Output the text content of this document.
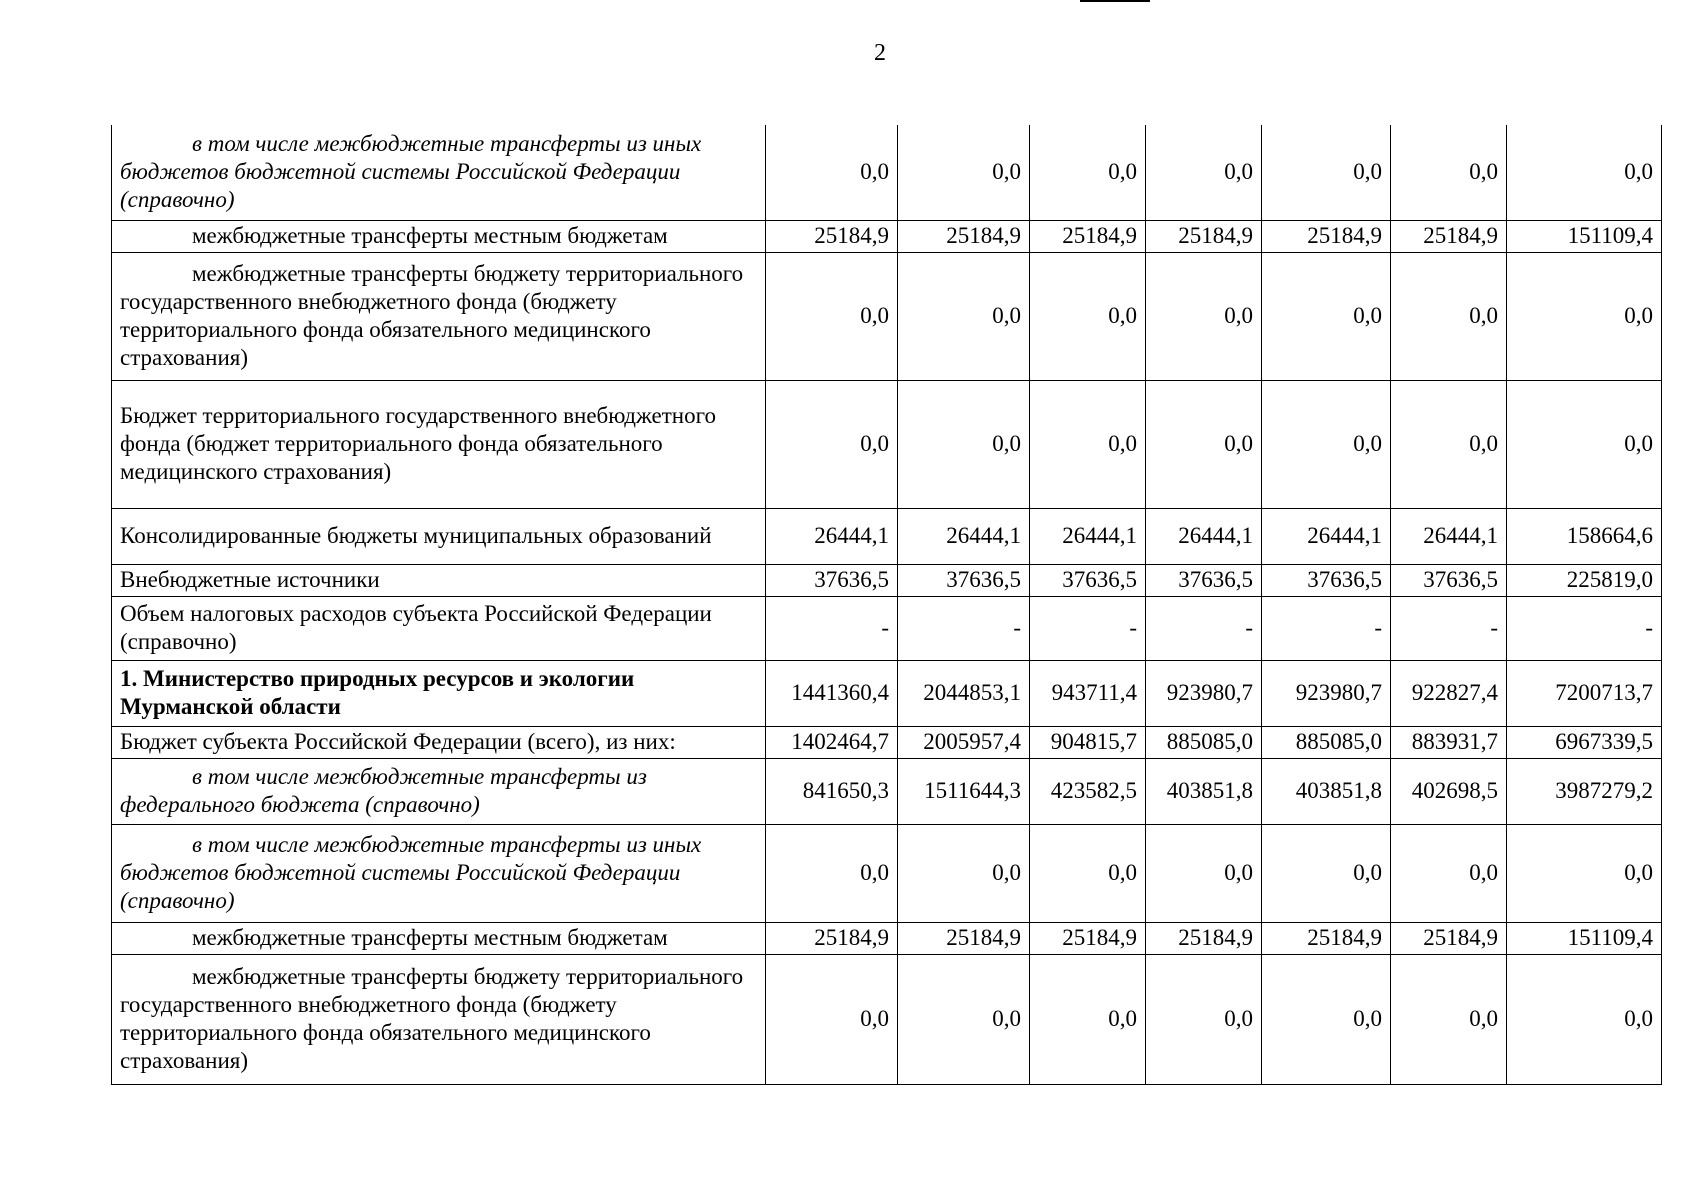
2
в том числе межбюджетные трансферты из иных бюджетов бюджетной системы Российской Федерации (справочно)	0,0	0,0	0,0	0,0	0,0	0,0	0,0
межбюджетные трансферты местным бюджетам	25184,9	25184,9	25184,9	25184,9	25184,9	25184,9	151109,4
межбюджетные трансферты бюджету территориального государственного внебюджетного фонда (бюджету территориального фонда обязательного медицинского страхования)	0,0	0,0	0,0	0,0	0,0	0,0	0,0
Бюджет территориального государственного внебюджетного фонда (бюджет территориального фонда обязательного медицинского страхования)	0,0	0,0	0,0	0,0	0,0	0,0	0,0
Консолидированные бюджеты муниципальных образований	26444,1	26444,1	26444,1	26444,1	26444,1	26444,1	158664,6
Внебюджетные источники	37636,5	37636,5	37636,5	37636,5	37636,5	37636,5	225819,0
Объем налоговых расходов субъекта Российской Федерации (справочно)	-	-	-	-	-	-	-
1. Министерство природных ресурсов и экологии Мурманской области	1441360,4	2044853,1	943711,4	923980,7	923980,7	922827,4	7200713,7
Бюджет субъекта Российской Федерации (всего), из них:	1402464,7	2005957,4	904815,7	885085,0	885085,0	883931,7	6967339,5
в том числе межбюджетные трансферты из федерального бюджета (справочно)	841650,3	1511644,3	423582,5	403851,8	403851,8	402698,5	3987279,2
в том числе межбюджетные трансферты из иных бюджетов бюджетной системы Российской Федерации (справочно)	0,0	0,0	0,0	0,0	0,0	0,0	0,0
межбюджетные трансферты местным бюджетам	25184,9	25184,9	25184,9	25184,9	25184,9	25184,9	151109,4
межбюджетные трансферты бюджету территориального государственного внебюджетного фонда (бюджету территориального фонда обязательного медицинского страхования)	0,0	0,0	0,0	0,0	0,0	0,0	0,0
